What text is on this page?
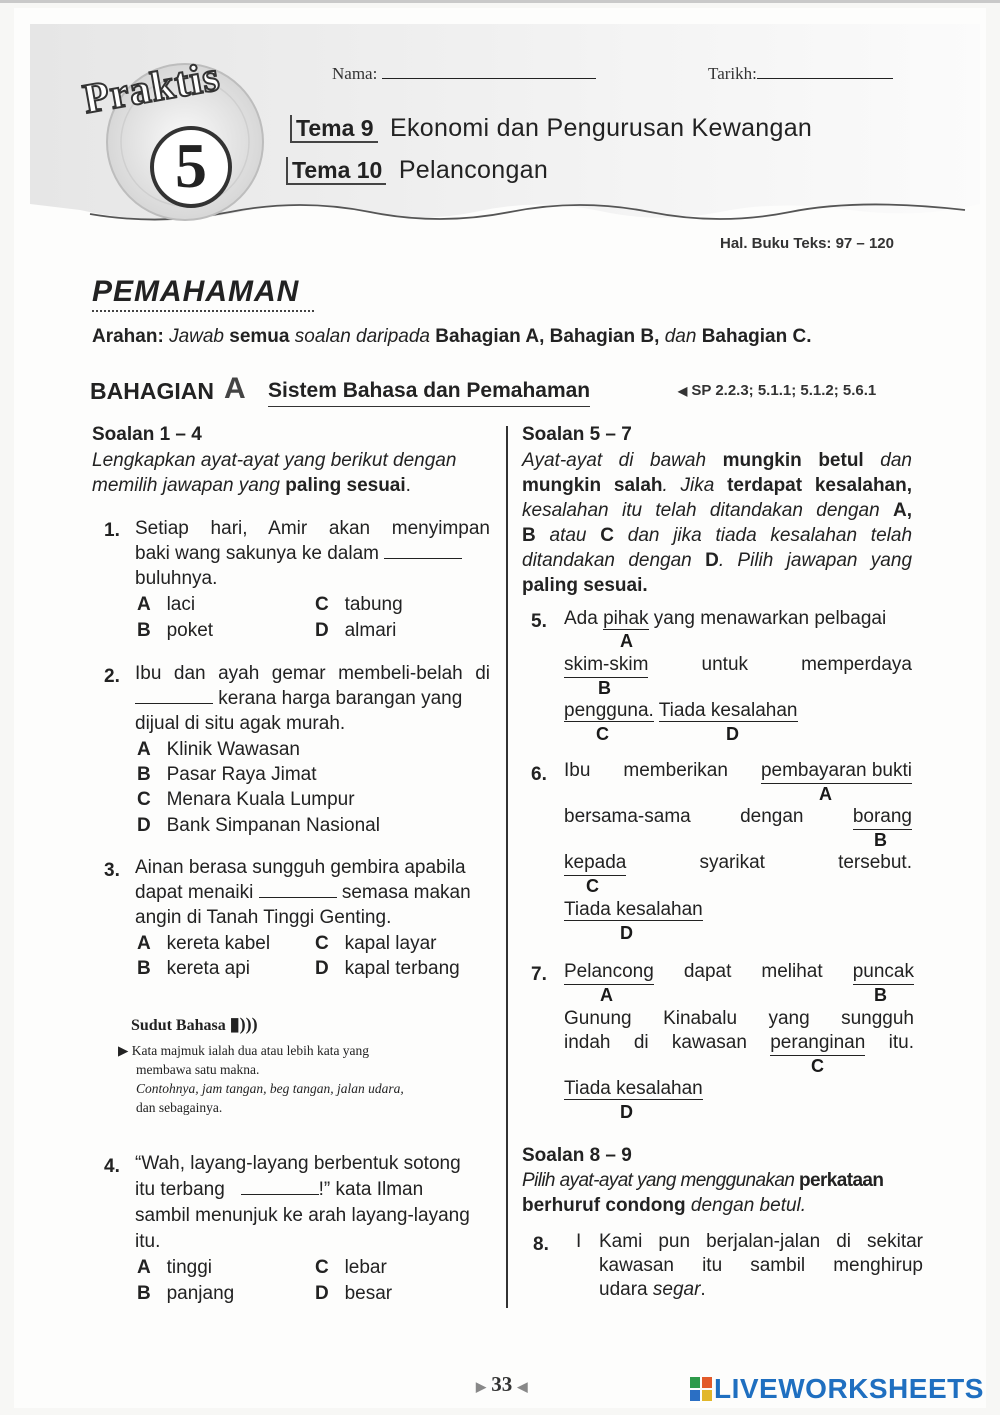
5
Praktis	Nama:	Tarikh:
Tema 9 Ekonomi dan Pengurusan Kewangan
Tema 10 Pelancongan
Hal. Buku Teks: 97 – 120
PEMAHAMAN
Arahan: Jawab semua soalan daripada Bahagian A, Bahagian B, dan Bahagian C.
BAHAGIAN A Sistem Bahasa dan Pemahaman	◀ SP 2.2.3; 5.1.1; 5.1.2; 5.6.1
Soalan 1 – 4
Lengkapkan ayat-ayat yang berikut dengan
memilih jawapan yang paling sesuai.
1. Setiap hari, Amir akan menyimpan
baki wang sakunya ke dalam
buluhnya.
A laci
B poket
C tabung
D almari
2. Ibu dan ayah gemar membeli-belah di
kerana harga barangan yang
dijual di situ agak murah.
A Klinik Wawasan
B Pasar Raya Jimat
C Menara Kuala Lumpur
D Bank Simpanan Nasional
3. Ainan berasa sungguh gembira apabila
dapat menaiki	semasa makan
angin di Tanah Tinggi Genting.
A kereta kabel
B kereta api
C kapal layar
D kapal terbang
Sudut Bahasa ▮)))
▶ Kata majmuk ialah dua atau lebih kata yang
membawa satu makna.
Contohnya, jam tangan, beg tangan, jalan udara,
dan sebagainya.
4. “Wah, layang-layang berbentuk sotong
itu terbang	!” kata Ilman
sambil menunjuk ke arah layang-layang
itu.
A tinggi
B panjang
C lebar
D besar
Soalan 5 – 7
Ayat-ayat di bawah mungkin betul dan
mungkin salah. Jika terdapat kesalahan,
kesalahan itu telah ditandakan dengan A,
B atau C dan jika tiada kesalahan telah
ditandakan dengan D. Pilih jawapan yang
paling sesuai.
5. Ada pihak yang menawarkan pelbagai
A
skim-skim	untuk	memperdaya
B
pengguna. Tiada kesalahan
C	D
6. Ibu memberikan pembayaran bukti
A
bersama-sama	dengan	borang
B
kepada	syarikat	tersebut.
C
Tiada kesalahan
D
7. Pelancong dapat melihat puncak
A	B
Gunung Kinabalu yang sungguh
indah di kawasan peranginan itu.
C
Tiada kesalahan
D
Soalan 8 – 9
Pilih ayat-ayat yang menggunakan perkataan
berhuruf condong dengan betul.
8. I Kami pun berjalan-jalan di sekitar
kawasan itu sambil menghirup
udara segar.
▶ 33 ◀	LIVEWORKSHEETS
